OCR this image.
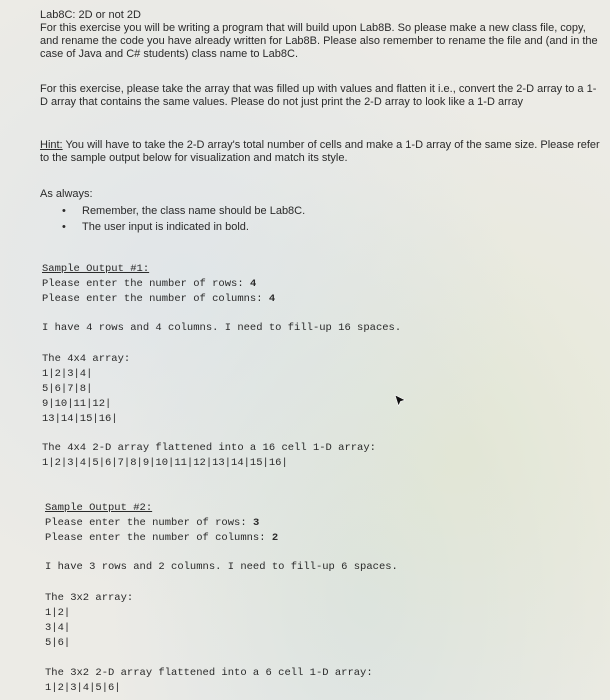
Lab8C: 2D or not 2D
For this exercise you will be writing a program that will build upon Lab8B. So please make a new class file, copy, and rename the code you have already written for Lab8B. Please also remember to rename the file and (and in the case of Java and C# students) class name to Lab8C.
For this exercise, please take the array that was filled up with values and flatten it i.e., convert the 2-D array to a 1-D array that contains the same values. Please do not just print the 2-D array to look like a 1-D array
Hint: You will have to take the 2-D array's total number of cells and make a 1-D array of the same size. Please refer to the sample output below for visualization and match its style.
As always:
• Remember, the class name should be Lab8C.
• The user input is indicated in bold.
Sample Output #1:
Please enter the number of rows: 4
Please enter the number of columns: 4
I have 4 rows and 4 columns. I need to fill-up 16 spaces.
The 4x4 array:
1|2|3|4|
5|6|7|8|
9|10|11|12|
13|14|15|16|
The 4x4 2-D array flattened into a 16 cell 1-D array:
1|2|3|4|5|6|7|8|9|10|11|12|13|14|15|16|
Sample Output #2:
Please enter the number of rows: 3
Please enter the number of columns: 2
I have 3 rows and 2 columns. I need to fill-up 6 spaces.
The 3x2 array:
1|2|
3|4|
5|6|
The 3x2 2-D array flattened into a 6 cell 1-D array:
1|2|3|4|5|6|
